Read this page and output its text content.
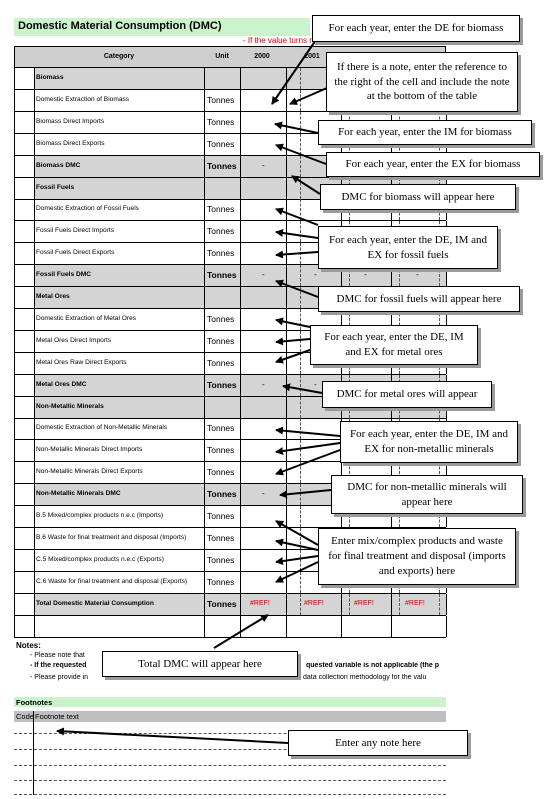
Domestic Material Consumption (DMC)
- If the value turns r
Category	Unit	2000	2001
Biomass
Domestic Extraction of Biomass	Tonnes
Biomass Direct Imports	Tonnes
Biomass Direct Exports	Tonnes
Biomass DMC	Tonnes	-
Fossil Fuels
Domestic Extraction of Fossil Fuels	Tonnes
Fossil Fuels Direct Imports	Tonnes
Fossil Fuels Direct Exports	Tonnes
Fossil Fuels DMC	Tonnes	-	-	-	-
Metal Ores
Domestic Extraction of Metal Ores	Tonnes
Metal Ores Direct Imports	Tonnes
Metal Ores Raw Direct Exports	Tonnes
Metal Ores DMC	Tonnes	-	-
Non-Metallic Minerals
Domestic Extraction of Non-Metallic Minerals	Tonnes
Non-Metallic Minerals Direct Imports	Tonnes
Non-Metallic Minerals Direct Exports	Tonnes
Non-Metallic Minerals DMC	Tonnes	-
B.5 Mixed/complex products n.e.c (Imports)	Tonnes
B.6 Waste for final treatment and disposal (Imports) Tonnes
C.5 Mixed/complex products n.e.c (Exports)	Tonnes
C.6 Waste for final treatment and disposal (Exports) Tonnes
Total Domestic Material Consumption	Tonnes #REF!	#REF!	#REF!	#REF!
Notes:
- Please note that
- If the requested	quested variable is not applicable (the p
- Please provide in	data collection methodology for the valu
Footnotes
Code Footnote text
For each year, enter the DE for biomass
If there is a note, enter the reference to the right of the cell and include the note at the bottom of the table
For each year, enter the IM for biomass
For each year, enter the EX for biomass
DMC for biomass will appear here
For each year, enter the DE, IM and EX for fossil fuels
DMC for fossil fuels will appear here
For each year, enter the DE, IM and EX for metal ores
DMC for metal ores will appear
For each year, enter the DE, IM and EX for non-metallic minerals
DMC for non-metallic minerals will appear here
Enter mix/complex products and waste for final treatment and disposal (imports and exports) here
Total DMC will appear here
Enter any note here
